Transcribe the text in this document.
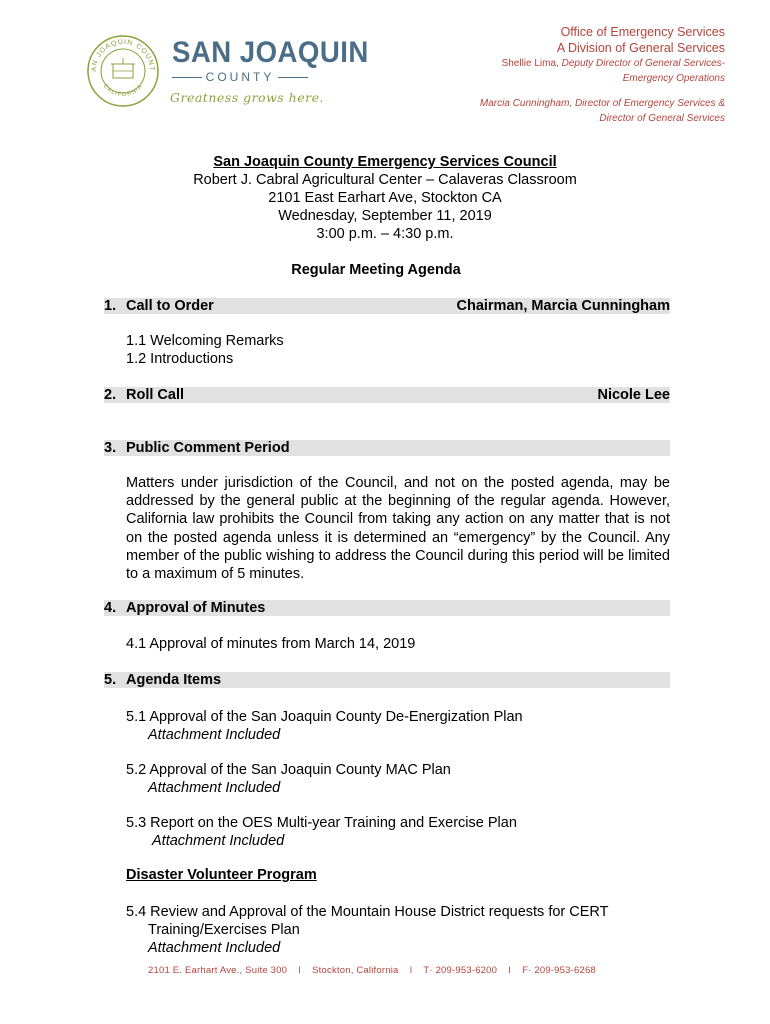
AN JOAQUIN COUNT
CALIFORNIA
SAN JOAQUIN
COUNTY
Greatness grows here.
Office of Emergency Services
A Division of General Services
Shellie Lima, Deputy Director of General Services-
Emergency Operations
Marcia Cunningham, Director of Emergency Services &
Director of General Services
San Joaquin County Emergency Services Council
Robert J. Cabral Agricultural Center – Calaveras Classroom
2101 East Earhart Ave, Stockton CA
Wednesday, September 11, 2019
3:00 p.m. – 4:30 p.m.
Regular Meeting Agenda
1. Call to Order	Chairman, Marcia Cunningham
1.1 Welcoming Remarks
1.2 Introductions
2. Roll Call	Nicole Lee
3. Public Comment Period
Matters under jurisdiction of the Council, and not on the posted agenda, may be addressed by the general public at the beginning of the regular agenda. However, California law prohibits the Council from taking any action on any matter that is not on the posted agenda unless it is determined an “emergency” by the Council. Any member of the public wishing to address the Council during this period will be limited to a maximum of 5 minutes.
4. Approval of Minutes
4.1 Approval of minutes from March 14, 2019
5. Agenda Items
5.1 Approval of the San Joaquin County De-Energization Plan
Attachment Included
5.2 Approval of the San Joaquin County MAC Plan
Attachment Included
5.3 Report on the OES Multi-year Training and Exercise Plan
Attachment Included
Disaster Volunteer Program
5.4 Review and Approval of the Mountain House District requests for CERT
Training/Exercises Plan
Attachment Included
2101 E. Earhart Ave., Suite 300    l    Stockton, California    l    T· 209-953-6200    l    F· 209-953-6268
